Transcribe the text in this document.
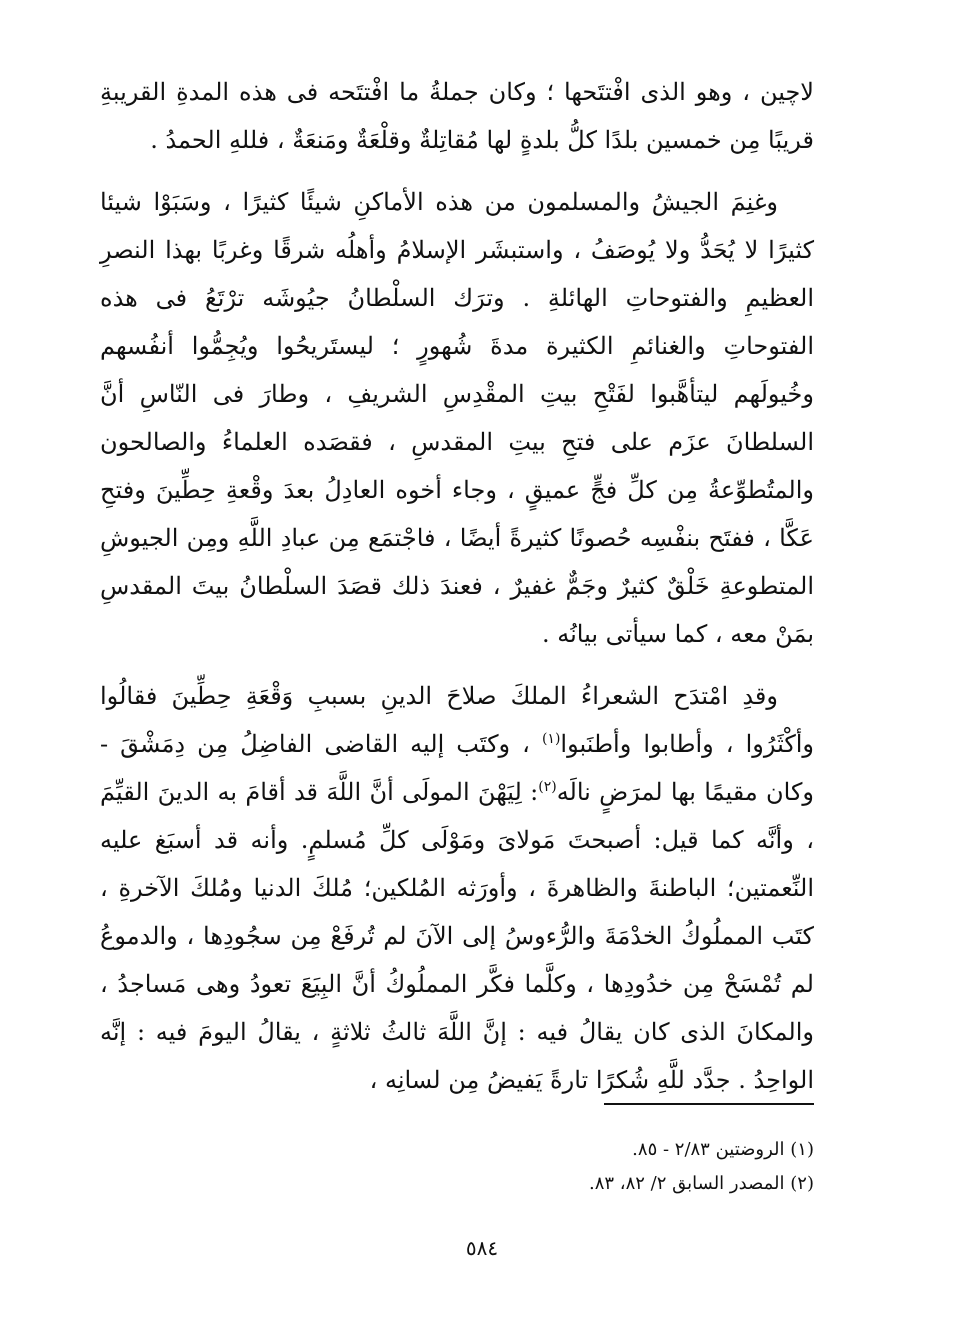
لاچين ، وهو الذى افْتتَحها ؛ وكان جملةُ ما افْتتَحه فى هذه المدةِ القريبةِ قريبًا مِن خمسين بلدًا كلُّ بلدةٍ لها مُقاتِلةٌ وقلْعَةٌ ومَنعَةٌ ، فللهِ الحمدُ .

وغنِمَ الجيشُ والمسلمون من هذه الأماكنِ شيئًا كثيرًا ، وسَبَوْا شيئا كثيرًا لا يُحَدُّ ولا يُوصَفُ ، واستبشَر الإسلامُ وأهلُه شرقًا وغربًا بهذا النصرِ العظيمِ والفتوحاتِ الهائلةِ . وترَك السلْطانُ جيُوشَه ترْتَعُ فى هذه الفتوحاتِ والغنائمِ الكثيرة مدةَ شُهورٍ ؛ ليستَريحُوا ويُجِمُّوا أنفُسهم وخُيولَهم ليتأهَّبوا لفَتْحِ بيتِ المقْدِسِ الشريفِ ، وطارَ فى النّاسِ أنَّ السلطانَ عزَم على فتحِ بيتِ المقدسِ ، فقصَده العلماءُ والصالحون والمتُطوِّعةُ مِن كلِّ فجٍّ عميقٍ ، وجاء أخوه العادِلُ بعدَ وقْعةِ حِطِّينَ وفتحِ عَكَّا ، ففتَح بنفْسِه حُصونًا كثيرةً أيضًا ، فاجْتمَع مِن عبادِ اللَّهِ ومِن الجيوشِ المتطوعةِ خَلْقٌ كثيرٌ وجَمٌّ غفيرٌ ، فعندَ ذلك قصَدَ السلْطانُ بيتَ المقدسِ بمَنْ معه ، كما سيأتى بيانُه .

وقدِ امْتدَح الشعراءُ الملكَ صلاحَ الدينِ بسببِ وَقْعَةِ حِطِّينَ فقالُوا وأكْثَرُوا ، وأطابوا وأطنَبوا$^{(١)}$ ، وكتَب إليه القاضى الفاضِلُ مِن دِمَشْقَ - وكان مقيمًا بها لمرَضٍ نالَه$^{(٢)}$: لِيَهْنَ المولَى أنَّ اللَّهَ قد أقامَ به الدينَ القيِّمَ ، وأنَّه كما قيل: أصبحتَ مَولاىَ ومَوْلَى كلِّ مُسلمٍ. وأنه قد أسبَغ عليه النِّعمتين؛ الباطنةَ والظاهرةَ ، وأورَثه المُلكين؛ مُلكَ الدنيا ومُلكَ الآخرةِ ، كتَب المملُوكُ الخدْمَةَ والرُّءوسُ إلى الآنَ لم تُرفَعْ مِن سجُودِها ، والدموعُ لم تُمْسَحْ مِن خدُودِها ، وكلَّما فكَّر المملُوكُ أنَّ البِيَعَ تعودُ وهى مَساجدُ ، والمكانَ الذى كان يقالُ فيه : إنَّ اللَّهَ ثالثُ ثلاثةٍ ، يقالُ اليومَ فيه : إنَّه الواحِدُ . جدَّد للَّهِ شُكرًا تارةً يَفيضُ مِن لسانِه ،

(١) الروضتين ٢/٨٣ - ٨٥.

(٢) المصدر السابق ٢/ ٨٢، ٨٣.

٥٨٤
